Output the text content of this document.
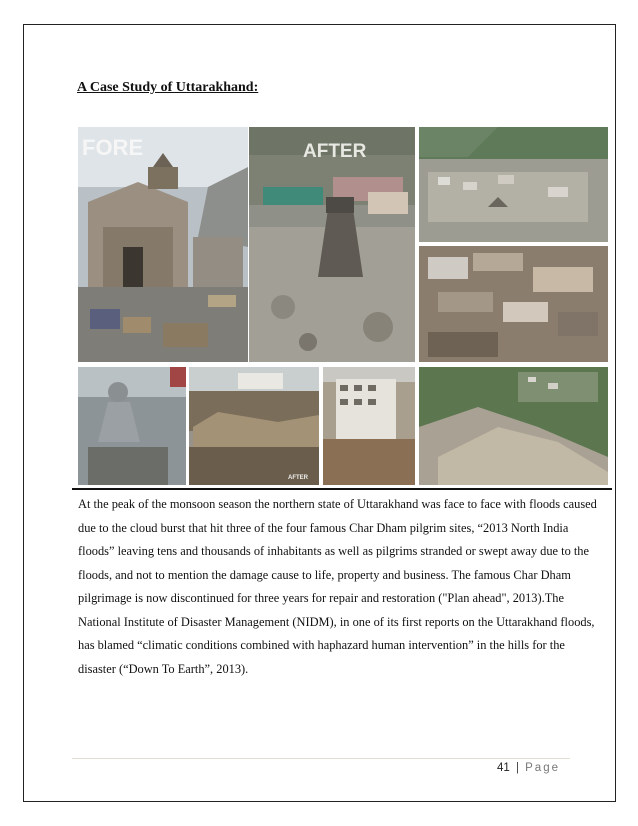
A Case Study of Uttarakhand:
FORE	AFTER
AFTER

At the peak of the monsoon season the northern state of Uttarakhand was face to face with floods caused due to the cloud burst that hit three of the four famous Char Dham pilgrim sites, “2013 North India floods” leaving tens and thousands of inhabitants as well as pilgrims stranded or swept away due to the floods, and not to mention the damage cause to life, property and business. The famous Char Dham pilgrimage is now discontinued for three years for repair and restoration ("Plan ahead", 2013).The National Institute of Disaster Management (NIDM), in one of its first reports on the Uttarakhand floods, has blamed “climatic conditions combined with haphazard human intervention” in the hills for the disaster (“Down To Earth”, 2013).

41 | Page
